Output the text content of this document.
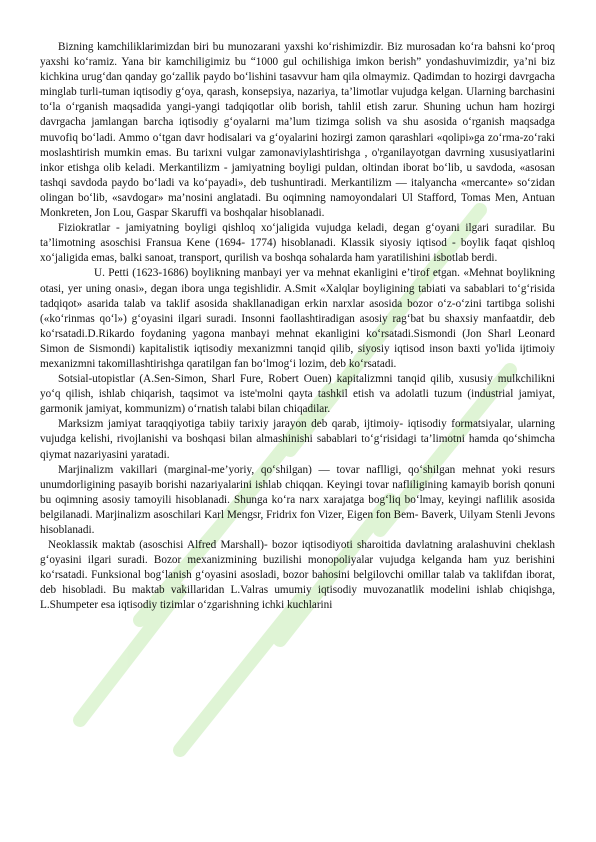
Bizning kamchiliklarimizdan biri bu munozarani yaxshi ko‘rishimizdir. Biz murosadan ko‘ra bahsni ko‘proq yaxshi ko‘ramiz. Yana bir kamchiligimiz bu “1000 gul ochilishiga imkon berish” yondashuvimizdir, ya’ni biz kichkina urug‘dan qanday go‘zallik paydo bo‘lishini tasavvur ham qila olmaymiz. Qadimdan to hozirgi davrgacha minglab turli-tuman iqtisodiy g‘oya, qarash, konsepsiya, nazariya, ta’limotlar vujudga kelgan. Ularning barchasini to‘la o‘rganish maqsadida yangi-yangi tadqiqotlar olib borish, tahlil etish zarur. Shuning uchun ham hozirgi davrgacha jamlangan barcha iqtisodiy g‘oyalarni ma’lum tizimga solish va shu asosida o‘rganish maqsadga muvofiq bo‘ladi. Ammo o‘tgan davr hodisalari va g‘oyalarini hozirgi zamon qarashlari «qolipi»ga zo‘rma-zo‘raki moslashtirish mumkin emas. Bu tarixni vulgar zamonaviylashtirishga , o'rganilayotgan davrning xususiyatlarini inkor etishga olib keladi. Merkantilizm - jamiyatning boyligi puldan, oltindan iborat bo‘lib, u savdoda, «asosan tashqi savdoda paydo bo‘ladi va ko‘payadi», deb tushuntiradi. Merkantilizm — italyancha «mercante» so‘zidan olingan bo‘lib, «savdogar» ma’nosini anglatadi. Bu oqimning namoyondalari Ul Stafford, Tomas Men, Antuan Monkreten, Jon Lou, Gaspar Skaruffi va boshqalar hisoblanadi.

Fiziokratlar - jamiyatning boyligi qishloq xo‘jaligida vujudga keladi, degan g‘oyani ilgari suradilar. Bu ta’limotning asoschisi Fransua Kene (1694- 1774) hisoblanadi. Klassik siyosiy iqtisod - boylik faqat qishloq xo‘jaligida emas, balki sanoat, transport, qurilish va boshqa sohalarda ham yaratilishini isbotlab berdi.

U. Petti (1623-1686) boylikning manbayi yer va mehnat ekanligini e’tirof etgan. «Mehnat boylikning otasi, yer uning onasi», degan ibora unga tegishlidir. A.Smit «Xalqlar boyligining tabiati va sabablari to‘g‘risida tadqiqot» asarida talab va taklif asosida shakllanadigan erkin narxlar asosida bozor o‘z-o‘zini tartibga solishi («ko‘rinmas qo‘l») g‘oyasini ilgari suradi. Insonni faollashtiradigan asosiy rag‘bat bu shaxsiy manfaatdir, deb ko‘rsatadi.D.Rikardo foydaning yagona manbayi mehnat ekanligini ko‘rsatadi.Sismondi (Jon Sharl Leonard Simon de Sismondi) kapitalistik iqtisodiy mexanizmni tanqid qilib, siyosiy iqtisod inson baxti yo'lida ijtimoiy mexanizmni takomillashtirishga qaratilgan fan bo‘lmog‘i lozim, deb ko‘rsatadi.

Sotsial-utopistlar (A.Sen-Simon, Sharl Fure, Robert Ouen) kapitalizmni tanqid qilib, xususiy mulkchilikni yo‘q qilish, ishlab chiqarish, taqsimot va iste'molni qayta tashkil etish va adolatli tuzum (industrial jamiyat, garmonik jamiyat, kommunizm) o‘rnatish talabi bilan chiqadilar.

Marksizm jamiyat taraqqiyotiga tabiiy tarixiy jarayon deb qarab, ijtimoiy- iqtisodiy formatsiyalar, ularning vujudga kelishi, rivojlanishi va boshqasi bilan almashinishi sabablari to‘g‘risidagi ta’limotni hamda qo‘shimcha qiymat nazariyasini yaratadi.

Marjinalizm vakillari (marginal-me’yoriy, qo‘shilgan) — tovar naflligi, qo‘shilgan mehnat yoki resurs unumdorligining pasayib borishi nazariyalarini ishlab chiqqan. Keyingi tovar nafliligining kamayib borish qonuni bu oqimning asosiy tamoyili hisoblanadi. Shunga ko‘ra narx xarajatga bog‘liq bo‘lmay, keyingi naflilik asosida belgilanadi. Marjinalizm asoschilari Karl Mengsr, Fridrix fon Vizer, Eigen fon Bem- Baverk, Uilyam Stenli Jevons hisoblanadi.

Neoklassik maktab (asoschisi Alfred Marshall)- bozor iqtisodiyoti sharoitida davlatning aralashuvini cheklash g‘oyasini ilgari suradi. Bozor mexanizmining buzilishi monopoliyalar vujudga kelganda ham yuz berishini ko‘rsatadi. Funksional bog‘lanish g‘oyasini asosladi, bozor bahosini belgilovchi omillar talab va taklifdan iborat, deb hisobladi. Bu maktab vakillaridan L.Valras umumiy iqtisodiy muvozanatlik modelini ishlab chiqishga, L.Shumpeter esa iqtisodiy tizimlar o‘zgarishning ichki kuchlarini
